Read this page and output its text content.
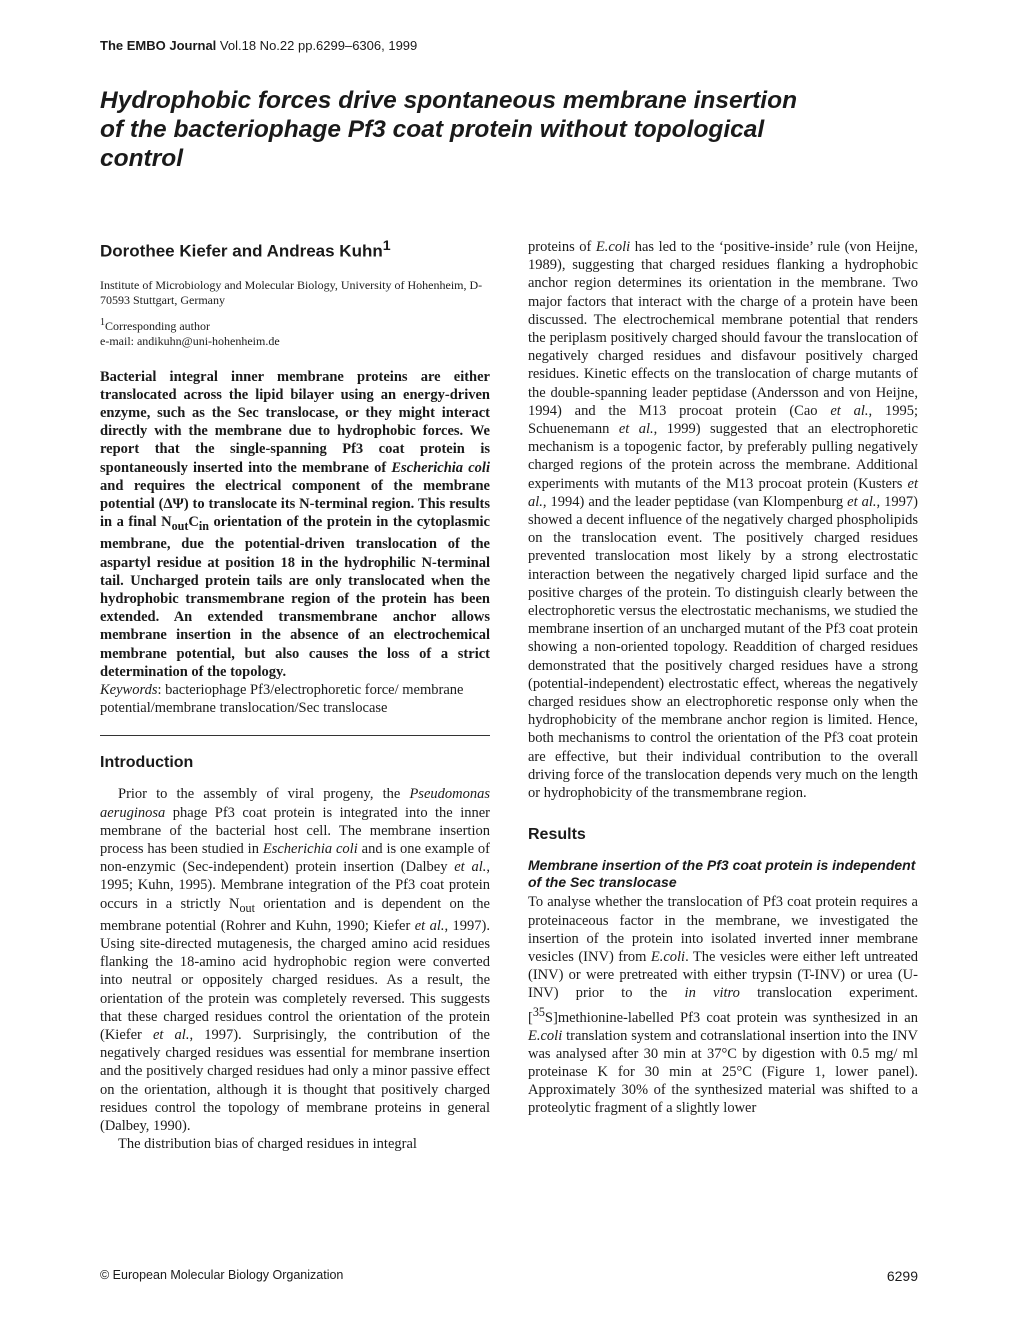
The EMBO Journal Vol.18 No.22 pp.6299–6306, 1999
Hydrophobic forces drive spontaneous membrane insertion of the bacteriophage Pf3 coat protein without topological control
Dorothee Kiefer and Andreas Kuhn$^1$

Institute of Microbiology and Molecular Biology, University of Hohenheim, D-70593 Stuttgart, Germany

$^1$Corresponding author
e-mail: andikuhn@uni-hohenheim.de

Bacterial integral inner membrane proteins are either translocated across the lipid bilayer using an energy-driven enzyme, such as the Sec translocase, or they might interact directly with the membrane due to hydrophobic forces. We report that the single-spanning Pf3 coat protein is spontaneously inserted into the membrane of Escherichia coli and requires the electrical component of the membrane potential (ΔΨ) to translocate its N-terminal region. This results in a final $N_{out}C_{in}$ orientation of the protein in the cytoplasmic membrane, due the potential-driven translocation of the aspartyl residue at position 18 in the hydrophilic N-terminal tail. Uncharged protein tails are only translocated when the hydrophobic transmembrane region of the protein has been extended. An extended transmembrane anchor allows membrane insertion in the absence of an electrochemical membrane potential, but also causes the loss of a strict determination of the topology.

Keywords: bacteriophage Pf3/electrophoretic force/ membrane potential/membrane translocation/Sec translocase

Introduction

Prior to the assembly of viral progeny, the Pseudomonas aeruginosa phage Pf3 coat protein is integrated into the inner membrane of the bacterial host cell. The membrane insertion process has been studied in Escherichia coli and is one example of non-enzymic (Sec-independent) protein insertion (Dalbey et al., 1995; Kuhn, 1995). Membrane integration of the Pf3 coat protein occurs in a strictly $N_{out}$ orientation and is dependent on the membrane potential (Rohrer and Kuhn, 1990; Kiefer et al., 1997). Using site-directed mutagenesis, the charged amino acid residues flanking the 18-amino acid hydrophobic region were converted into neutral or oppositely charged residues. As a result, the orientation of the protein was completely reversed. This suggests that these charged residues control the orientation of the protein (Kiefer et al., 1997). Surprisingly, the contribution of the negatively charged residues was essential for membrane insertion and the positively charged residues had only a minor passive effect on the orientation, although it is thought that positively charged residues control the topology of membrane proteins in general (Dalbey, 1990).

The distribution bias of charged residues in integral

proteins of E.coli has led to the ‘positive-inside’ rule (von Heijne, 1989), suggesting that charged residues flanking a hydrophobic anchor region determines its orientation in the membrane. Two major factors that interact with the charge of a protein have been discussed. The electrochemical membrane potential that renders the periplasm positively charged should favour the translocation of negatively charged residues and disfavour positively charged residues. Kinetic effects on the translocation of charge mutants of the double-spanning leader peptidase (Andersson and von Heijne, 1994) and the M13 procoat protein (Cao et al., 1995; Schuenemann et al., 1999) suggested that an electrophoretic mechanism is a topogenic factor, by preferably pulling negatively charged regions of the protein across the membrane. Additional experiments with mutants of the M13 procoat protein (Kusters et al., 1994) and the leader peptidase (van Klompenburg et al., 1997) showed a decent influence of the negatively charged phospholipids on the translocation event. The positively charged residues prevented translocation most likely by a strong electrostatic interaction between the negatively charged lipid surface and the positive charges of the protein. To distinguish clearly between the electrophoretic versus the electrostatic mechanisms, we studied the membrane insertion of an uncharged mutant of the Pf3 coat protein showing a non-oriented topology. Readdition of charged residues demonstrated that the positively charged residues have a strong (potential-independent) electrostatic effect, whereas the negatively charged residues show an electrophoretic response only when the hydrophobicity of the membrane anchor region is limited. Hence, both mechanisms to control the orientation of the Pf3 coat protein are effective, but their individual contribution to the overall driving force of the translocation depends very much on the length or hydrophobicity of the transmembrane region.

Results

Membrane insertion of the Pf3 coat protein is independent of the Sec translocase

To analyse whether the translocation of Pf3 coat protein requires a proteinaceous factor in the membrane, we investigated the insertion of the protein into isolated inverted inner membrane vesicles (INV) from E.coli. The vesicles were either left untreated (INV) or were pretreated with either trypsin (T-INV) or urea (U-INV) prior to the in vitro translocation experiment. [$^{35}$S]methionine-labelled Pf3 coat protein was synthesized in an E.coli translation system and cotranslational insertion into the INV was analysed after 30 min at 37°C by digestion with 0.5 mg/ ml proteinase K for 30 min at 25°C (Figure 1, lower panel). Approximately 30% of the synthesized material was shifted to a proteolytic fragment of a slightly lower

© European Molecular Biology Organization	6299
